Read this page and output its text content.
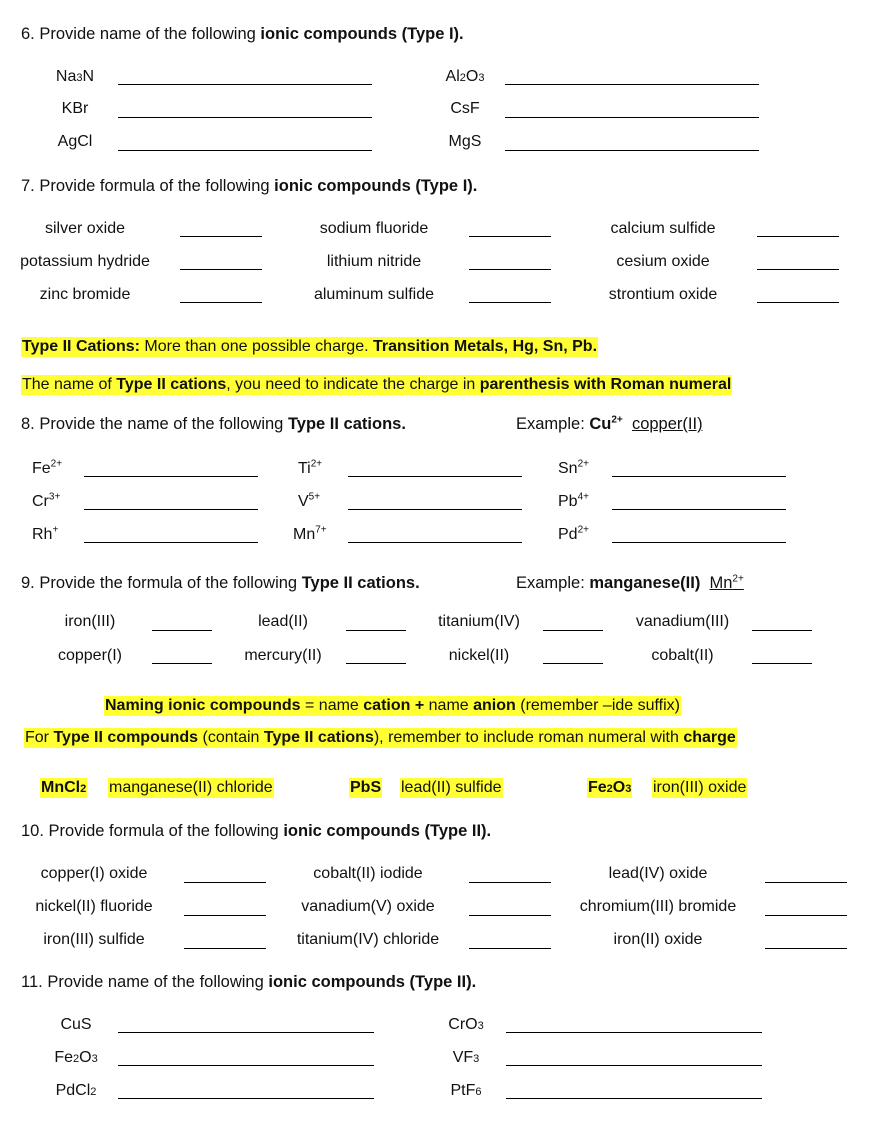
6. Provide name of the following ionic compounds (Type I).
Na3N	Al2O3
KBr	CsF
AgCl	MgS
7. Provide formula of the following ionic compounds (Type I).
silver oxide	sodium fluoride	calcium sulfide
potassium hydride	lithium nitride	cesium oxide
zinc bromide	aluminum sulfide	strontium oxide
Type II Cations: More than one possible charge. Transition Metals, Hg, Sn, Pb.
The name of Type II cations, you need to indicate the charge in parenthesis with Roman numeral
8. Provide the name of the following Type II cations.	Example: $Cu^{2+}$ copper(II)
$Fe^{2+}$	$Ti^{2+}$	$Sn^{2+}$
$Cr^{3+}$	$V^{5+}$	$Pb^{4+}$
Rh+	$Mn^{7+}$	$Pd^{2+}$
9. Provide the formula of the following Type II cations.	Example: manganese(II) $Mn^{2+}$
iron(III)	lead(II)	titanium(IV)	vanadium(III)
copper(I)	mercury(II)	nickel(II)	cobalt(II)
Naming ionic compounds = name cation + name anion (remember –ide suffix)
For Type II compounds (contain Type II cations), remember to include roman numeral with charge
MnCl2 manganese(II) chloride	PbS lead(II) sulfide	Fe2O3 iron(III) oxide
10. Provide formula of the following ionic compounds (Type II).
copper(I) oxide	cobalt(II) iodide	lead(IV) oxide
nickel(II) fluoride	vanadium(V) oxide	chromium(III) bromide
iron(III) sulfide	titanium(IV) chloride	iron(II) oxide
11. Provide name of the following ionic compounds (Type II).
CuS	CrO3
Fe2O3	VF3
PdCl2	PtF6
